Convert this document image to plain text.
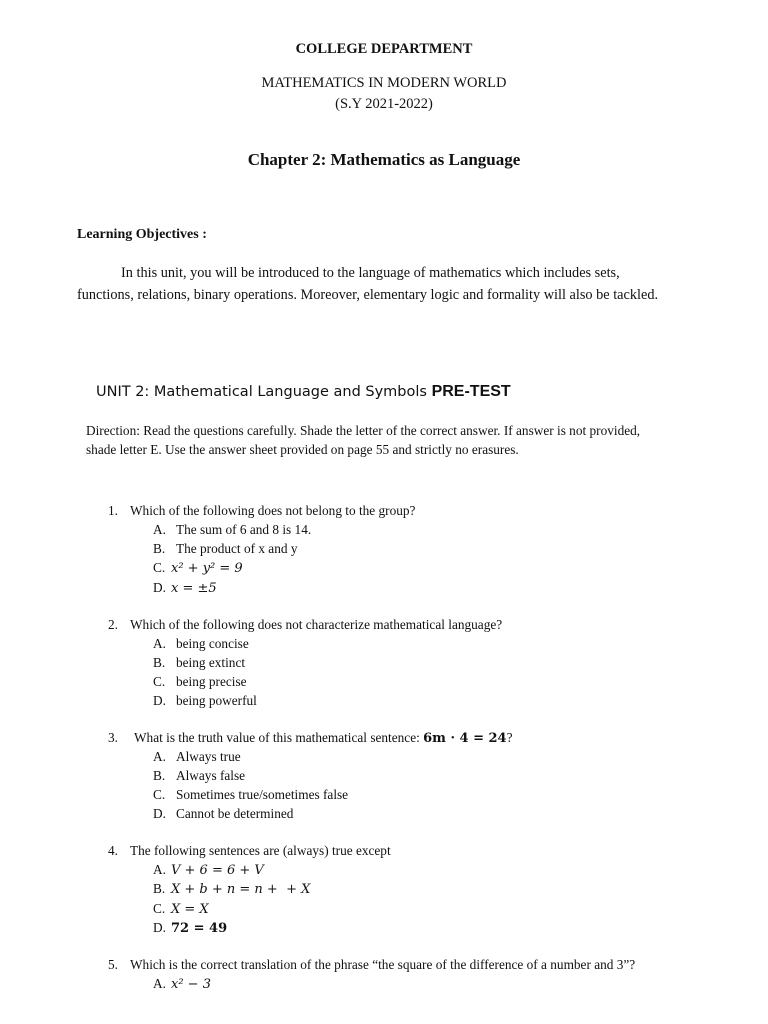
COLLEGE DEPARTMENT
MATHEMATICS IN MODERN WORLD
(S.Y 2021-2022)
Chapter 2: Mathematics as Language
Learning Objectives :
In this unit, you will be introduced to the language of mathematics which includes sets,
functions, relations, binary operations. Moreover, elementary logic and formality will also be tackled.
UNIT 2: Mathematical Language and Symbols PRE-TEST
Direction: Read the questions carefully. Shade the letter of the correct answer. If answer is not provided,
shade letter E. Use the answer sheet provided on page 55 and strictly no erasures.
1. Which of the following does not belong to the group?
A. The sum of 6 and 8 is 14.
B. The product of x and y
C. x² + y² = 9
D. x = ±5
2. Which of the following does not characterize mathematical language?
A. being concise
B. being extinct
C. being precise
D. being powerful
3. What is the truth value of this mathematical sentence: 6m · 4 = 24?
A. Always true
B. Always false
C. Sometimes true/sometimes false
D. Cannot be determined
4. The following sentences are (always) true except
A. V + 6 = 6 + V
B. X + b + n = n +  + X
C. X = X
D. 72 = 49
5. Which is the correct translation of the phrase “the square of the difference of a number and 3”?
A. x² − 3
